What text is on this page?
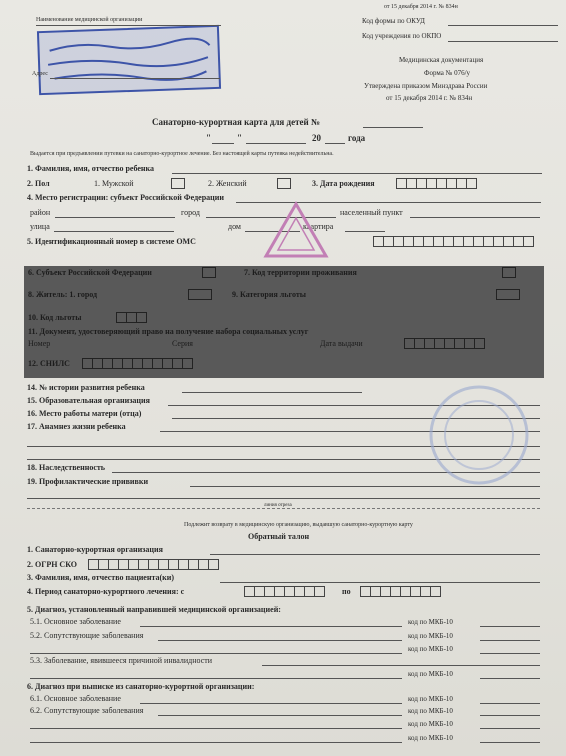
Наименование медицинской организации
Адрес
от 15 декабря 2014 г. № 834н
Код формы по ОКУД
Код учреждения по ОКПО
Медицинская документация
Форма № 076/у
Утверждена приказом Минздрава России
от 15 декабря 2014 г. № 834н
Санаторно-курортная карта для детей №
"	"	20	года
Выдается при предъявлении путевки на санаторно-курортное лечение. Без настоящей карты путевка недействительна.
1. Фамилия, имя, отчество ребенка
2. Пол	1. Мужской	2. Женский	3. Дата рождения
4. Место регистрации: субъект Российской Федерации
район	город	населенный пункт
улица	дом	квартира
5. Идентификационный номер в системе ОМС
6. Субъект Российской Федерации	7. Код территории проживания
8. Житель: 1. город	9. Категория льготы
10. Код льготы
11. Документ, удостоверяющий право на получение набора социальных услуг
Номер	Серия	Дата выдачи
12. СНИЛС
14. № истории развития ребенка
15. Образовательная организация
16. Место работы матери (отца)
17. Анамнез жизни ребенка
18. Наследственность
19. Профилактические прививки
линия отреза
Подлежит возврату в медицинскую организацию, выдавшую санаторно-курортную карту
Обратный талон
1. Санаторно-курортная организация
2. ОГРН СКО
3. Фамилия, имя, отчество пациента(ки)
4. Период санаторно-курортного лечения: с	по
5. Диагноз, установленный направившей медицинской организацией:
5.1. Основное заболевание	код по МКБ-10
5.2. Сопутствующие заболевания	код по МКБ-10
код по МКБ-10
5.3. Заболевание, явившееся причиной инвалидности
код по МКБ-10
6. Диагноз при выписке из санаторно-курортной организации:
6.1. Основное заболевание	код по МКБ-10
6.2. Сопутствующие заболевания	код по МКБ-10
код по МКБ-10
код по МКБ-10
